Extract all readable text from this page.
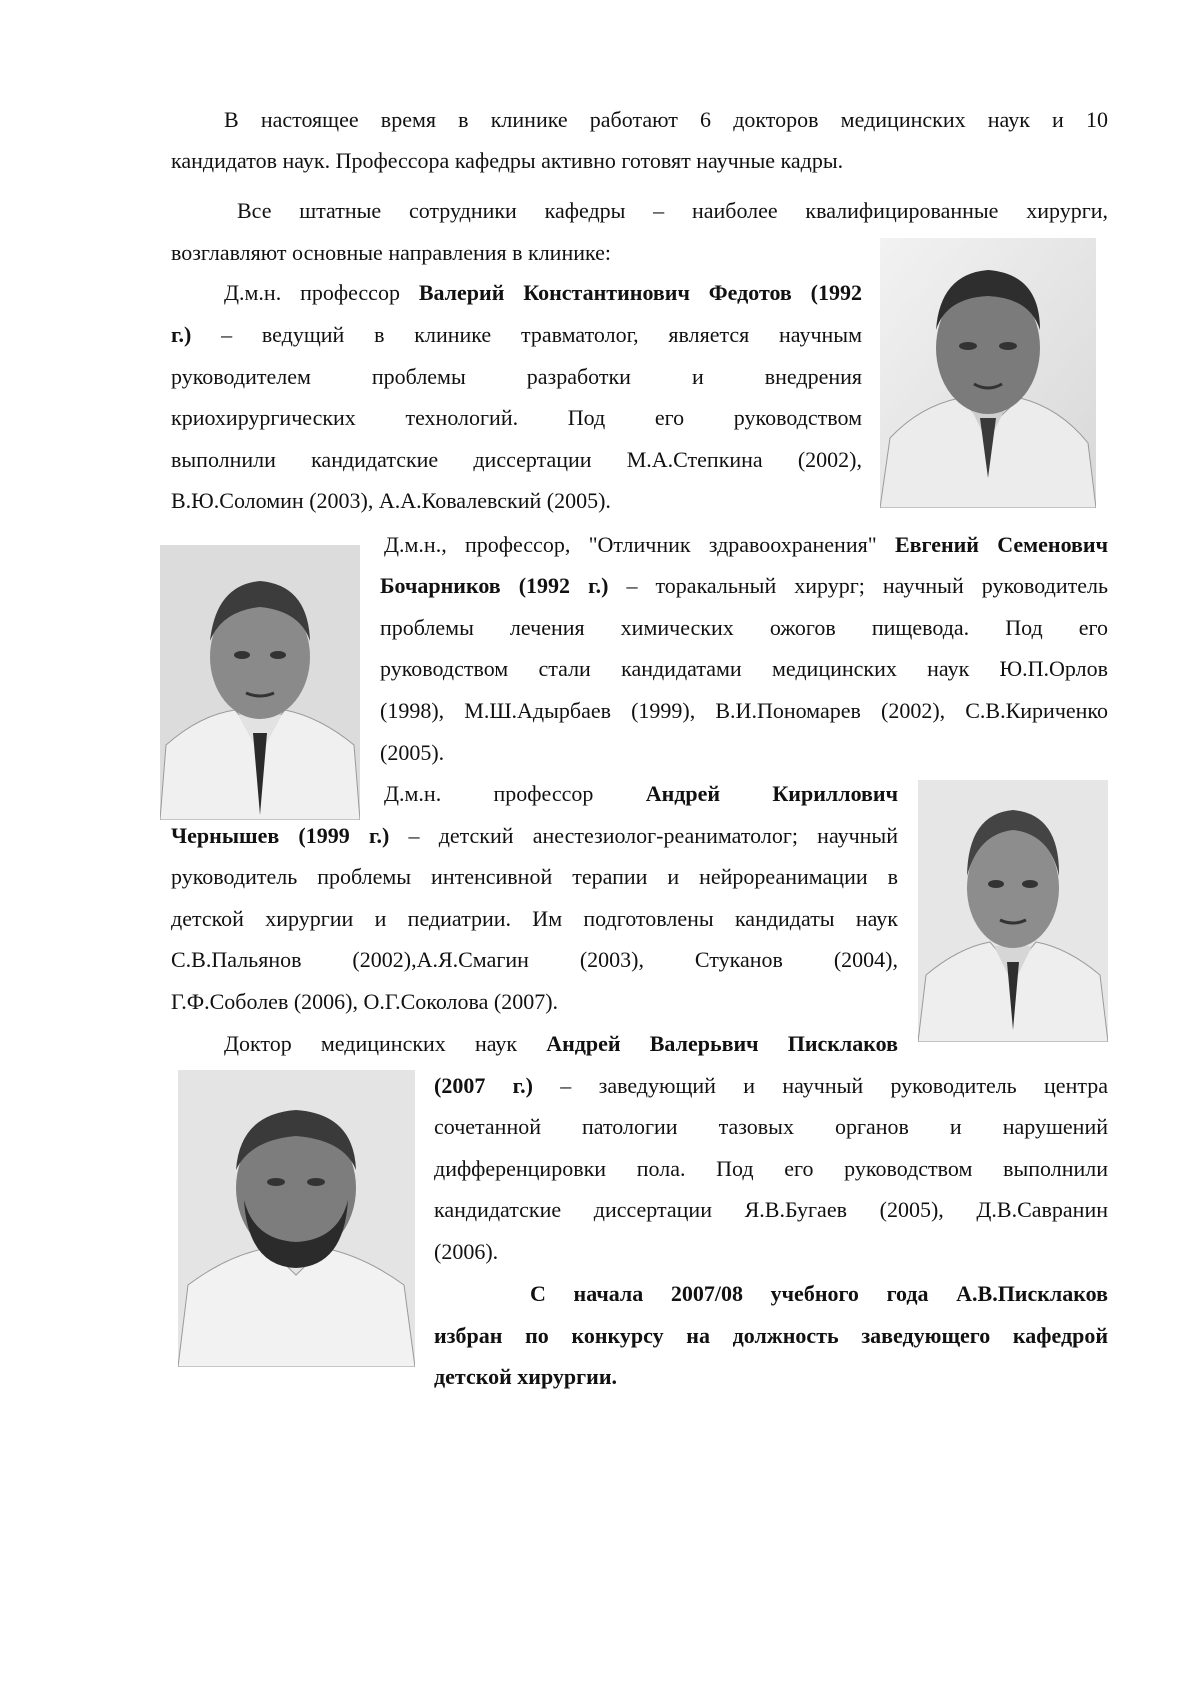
В настоящее время в клинике работают 6 докторов медицинских наук и 10
кандидатов наук. Профессора кафедры активно готовят научные кадры.
Все штатные сотрудники кафедры – наиболее квалифицированные хирурги,
возглавляют основные направления в клинике:
Д.м.н. профессор Валерий Константинович Федотов (1992
г.) – ведущий в клинике травматолог, является научным
руководителем проблемы разработки и внедрения
криохирургических технологий. Под его руководством
выполнили кандидатские диссертации М.А.Степкина (2002),
В.Ю.Соломин (2003), А.А.Ковалевский (2005).
Д.м.н., профессор, "Отличник здравоохранения" Евгений Семенович
Бочарников (1992 г.) – торакальный хирург; научный руководитель
проблемы лечения химических ожогов пищевода. Под его
руководством стали кандидатами медицинских наук Ю.П.Орлов
(1998), М.Ш.Адырбаев (1999), В.И.Пономарев (2002), С.В.Кириченко
(2005).
Д.м.н. профессор Андрей Кириллович
Чернышев (1999 г.) – детский анестезиолог-реаниматолог; научный
руководитель проблемы интенсивной терапии и нейрореанимации в
детской хирургии и педиатрии. Им подготовлены кандидаты наук
С.В.Пальянов (2002),А.Я.Смагин (2003), Стуканов (2004),
Г.Ф.Соболев (2006), О.Г.Соколова (2007).
Доктор медицинских наук Андрей Валерьвич Писклаков
(2007 г.) – заведующий и научный руководитель центра
сочетанной патологии тазовых органов и нарушений
дифференцировки пола. Под его руководством выполнили
кандидатские диссертации Я.В.Бугаев (2005), Д.В.Савранин
(2006).
С начала 2007/08 учебного года А.В.Писклаков
избран по конкурсу на должность заведующего кафедрой
детской хирургии.
